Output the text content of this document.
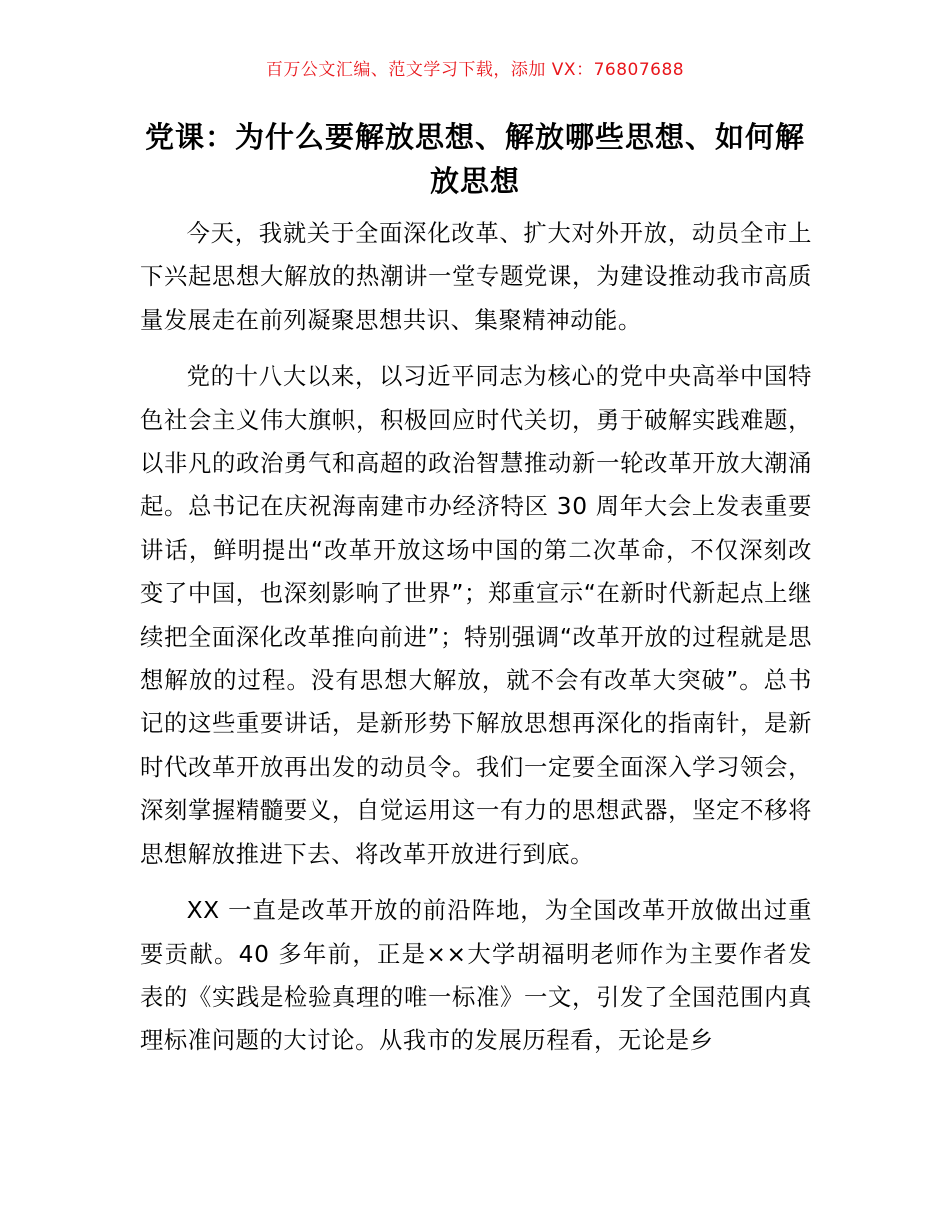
百万公文汇编、范文学习下载，添加 VX：76807688
党课：为什么要解放思想、解放哪些思想、如何解放思想

今天，我就关于全面深化改革、扩大对外开放，动员全市上下兴起思想大解放的热潮讲一堂专题党课，为建设推动我市高质量发展走在前列凝聚思想共识、集聚精神动能。

党的十八大以来，以习近平同志为核心的党中央高举中国特色社会主义伟大旗帜，积极回应时代关切，勇于破解实践难题，以非凡的政治勇气和高超的政治智慧推动新一轮改革开放大潮涌起。总书记在庆祝海南建市办经济特区 30 周年大会上发表重要讲话，鲜明提出“改革开放这场中国的第二次革命，不仅深刻改变了中国，也深刻影响了世界”；郑重宣示“在新时代新起点上继续把全面深化改革推向前进”；特别强调“改革开放的过程就是思想解放的过程。没有思想大解放，就不会有改革大突破”。总书记的这些重要讲话，是新形势下解放思想再深化的指南针，是新时代改革开放再出发的动员令。我们一定要全面深入学习领会，深刻掌握精髓要义，自觉运用这一有力的思想武器，坚定不移将思想解放推进下去、将改革开放进行到底。

XX 一直是改革开放的前沿阵地，为全国改革开放做出过重要贡献。40 多年前，正是××大学胡福明老师作为主要作者发表的《实践是检验真理的唯一标准》一文，引发了全国范围内真理标准问题的大讨论。从我市的发展历程看，无论是乡
